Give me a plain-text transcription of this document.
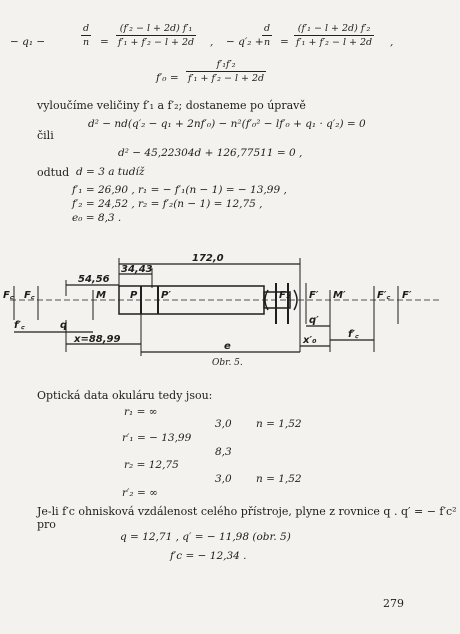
− q₁ −
d
n =
(f′₂ − l + 2d) f′₁
f′₁ + f′₂ − l + 2d , − q′₂ +
d
n =
(f′₁ − l + 2d) f′₂
f′₁ + f′₂ − l + 2d ,
f′₀ =
f′₁f′₂
f′₁ + f′₂ − l + 2d
vyloučíme veličiny f′₁ a f′₂; dostaneme po úpravě
d² − nd(q′₂ − q₁ + 2nf′₀) − n²(f′₀² − lf′₀ + q₁ · q′₂) = 0
čili
d² − 45,22304d + 126,77511 = 0 ,
odtud d = 3 a tudíž
f′₁ = 26,90 , r₁ = − f′₁(n − 1) = − 13,99 ,
f′₂ = 24,52 , r₂ = f′₂(n − 1) = 12,75 ,
e₀ = 8,3 .
172,0
34,43
54,56
F꜀ F꜀	M P P′	F₂ F′ M′	F′꜀ F′
f′꜀	q
x=88,99
e
q′
x′₀
f′꜀
Obr. 5.
Optická data okuláru tedy jsou:
r₁ = ∞
3,0 n = 1,52
r′₁ = − 13,99
8,3
r₂ = 12,75
3,0 n = 1,52
r′₂ = ∞
Je-li f′c ohnisková vzdálenost celého přístroje, plyne z rovnice q . q′ = − f′c²
pro
q = 12,71 , q′ = − 11,98 (obr. 5)
f′c = − 12,34 .
279
